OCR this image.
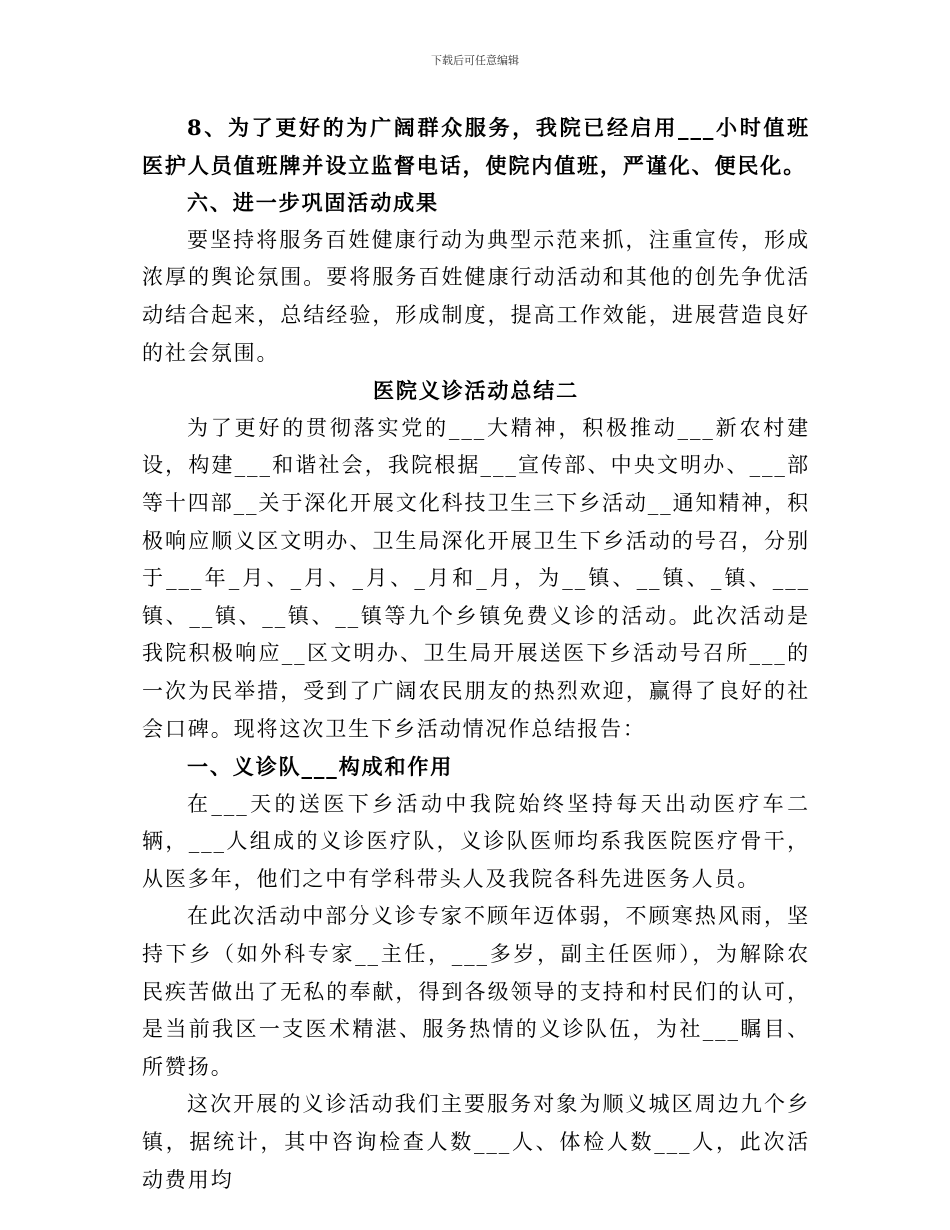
下载后可任意编辑

8、为了更好的为广阔群众服务，我院已经启用___小时值班医护人员值班牌并设立监督电话，使院内值班，严谨化、便民化。

六、进一步巩固活动成果

要坚持将服务百姓健康行动为典型示范来抓，注重宣传，形成浓厚的舆论氛围。要将服务百姓健康行动活动和其他的创先争优活动结合起来，总结经验，形成制度，提高工作效能，进展营造良好的社会氛围。

医院义诊活动总结二

为了更好的贯彻落实党的___大精神，积极推动___新农村建设，构建___和谐社会，我院根据___宣传部、中央文明办、___部等十四部__关于深化开展文化科技卫生三下乡活动__通知精神，积极响应顺义区文明办、卫生局深化开展卫生下乡活动的号召，分别于___年_月、_月、_月、_月和_月，为__镇、__镇、_镇、___镇、__镇、__镇、__镇等九个乡镇免费义诊的活动。此次活动是我院积极响应__区文明办、卫生局开展送医下乡活动号召所___的一次为民举措，受到了广阔农民朋友的热烈欢迎，赢得了良好的社会口碑。现将这次卫生下乡活动情况作总结报告：

一、义诊队___构成和作用

在___天的送医下乡活动中我院始终坚持每天出动医疗车二辆，___人组成的义诊医疗队，义诊队医师均系我医院医疗骨干，从医多年，他们之中有学科带头人及我院各科先进医务人员。

在此次活动中部分义诊专家不顾年迈体弱，不顾寒热风雨，坚持下乡（如外科专家__主任，___多岁，副主任医师），为解除农民疾苦做出了无私的奉献，得到各级领导的支持和村民们的认可，是当前我区一支医术精湛、服务热情的义诊队伍，为社___瞩目、所赞扬。

这次开展的义诊活动我们主要服务对象为顺义城区周边九个乡镇，据统计，其中咨询检查人数___人、体检人数___人，此次活动费用均
